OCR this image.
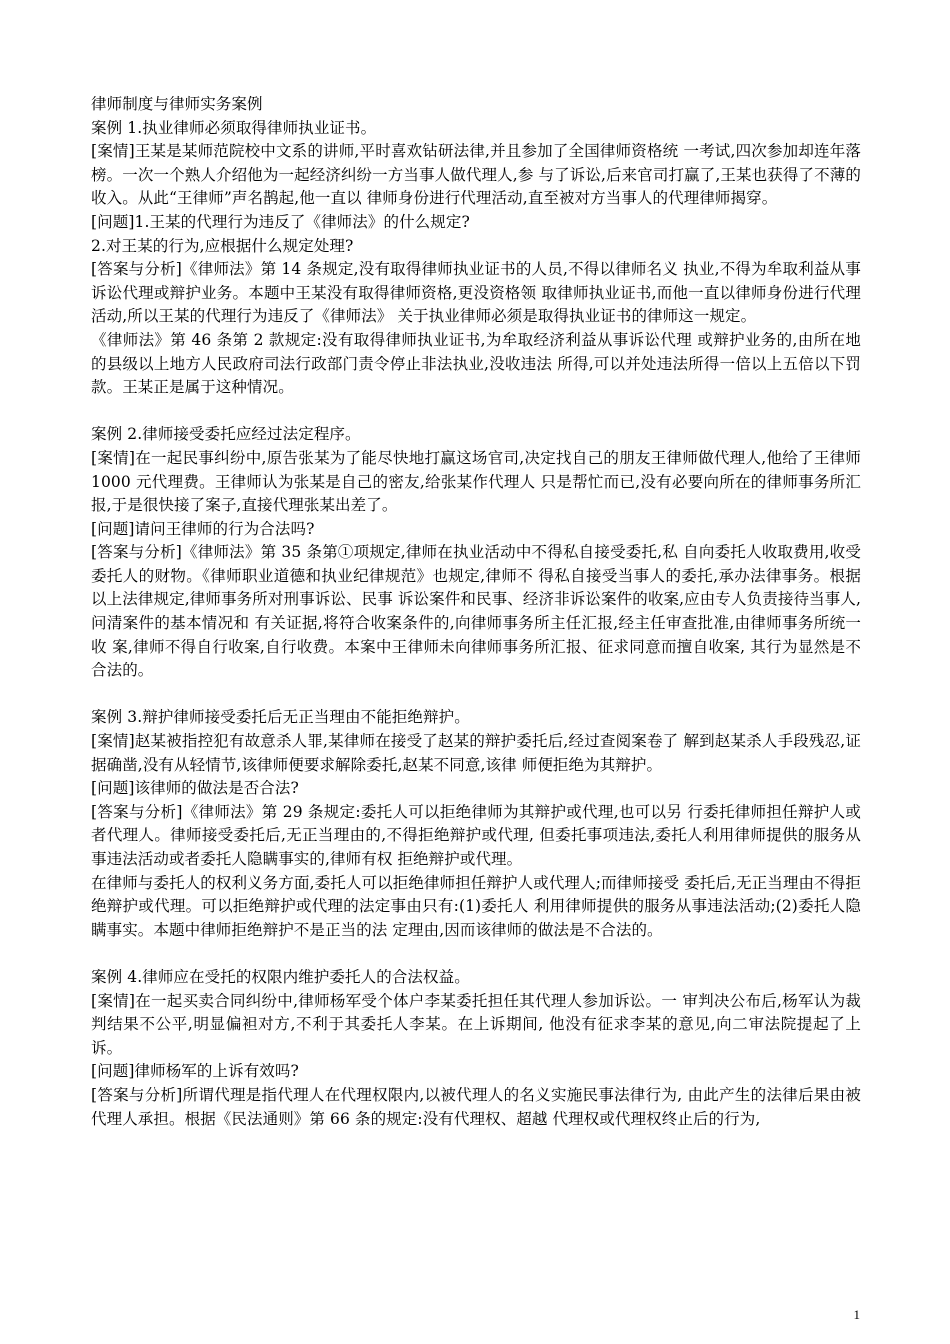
律师制度与律师实务案例

案例 1.执业律师必须取得律师执业证书。

[案情]王某是某师范院校中文系的讲师,平时喜欢钻研法律,并且参加了全国律师资格统 一考试,四次参加却连年落榜。一次一个熟人介绍他为一起经济纠纷一方当事人做代理人,参 与了诉讼,后来官司打赢了,王某也获得了不薄的收入。从此“王律师”声名鹊起,他一直以 律师身份进行代理活动,直至被对方当事人的代理律师揭穿。

[问题]1.王某的代理行为违反了《律师法》的什么规定?

2.对王某的行为,应根据什么规定处理?

[答案与分析]《律师法》第 14 条规定,没有取得律师执业证书的人员,不得以律师名义 执业,不得为牟取利益从事诉讼代理或辩护业务。本题中王某没有取得律师资格,更没资格领 取律师执业证书,而他一直以律师身份进行代理活动,所以王某的代理行为违反了《律师法》 关于执业律师必须是取得执业证书的律师这一规定。

《律师法》第 46 条第 2 款规定:没有取得律师执业证书,为牟取经济利益从事诉讼代理 或辩护业务的,由所在地的县级以上地方人民政府司法行政部门责令停止非法执业,没收违法 所得,可以并处违法所得一倍以上五倍以下罚款。王某正是属于这种情况。

案例 2.律师接受委托应经过法定程序。

[案情]在一起民事纠纷中,原告张某为了能尽快地打赢这场官司,决定找自己的朋友王律师做代理人,他给了王律师 1000 元代理费。王律师认为张某是自己的密友,给张某作代理人 只是帮忙而已,没有必要向所在的律师事务所汇报,于是很快接了案子,直接代理张某出差了。

[问题]请问王律师的行为合法吗?

[答案与分析]《律师法》第 35 条第①项规定,律师在执业活动中不得私自接受委托,私 自向委托人收取费用,收受委托人的财物。《律师职业道德和执业纪律规范》也规定,律师不 得私自接受当事人的委托,承办法律事务。根据以上法律规定,律师事务所对刑事诉讼、民事 诉讼案件和民事、经济非诉讼案件的收案,应由专人负责接待当事人,问清案件的基本情况和 有关证据,将符合收案条件的,向律师事务所主任汇报,经主任审查批准,由律师事务所统一收 案,律师不得自行收案,自行收费。本案中王律师未向律师事务所汇报、征求同意而擅自收案, 其行为显然是不合法的。

案例 3.辩护律师接受委托后无正当理由不能拒绝辩护。

[案情]赵某被指控犯有故意杀人罪,某律师在接受了赵某的辩护委托后,经过查阅案卷了 解到赵某杀人手段残忍,证据确凿,没有从轻情节,该律师便要求解除委托,赵某不同意,该律 师便拒绝为其辩护。

[问题]该律师的做法是否合法?

[答案与分析]《律师法》第 29 条规定:委托人可以拒绝律师为其辩护或代理,也可以另 行委托律师担任辩护人或者代理人。律师接受委托后,无正当理由的,不得拒绝辩护或代理, 但委托事项违法,委托人利用律师提供的服务从事违法活动或者委托人隐瞒事实的,律师有权 拒绝辩护或代理。

在律师与委托人的权利义务方面,委托人可以拒绝律师担任辩护人或代理人;而律师接受 委托后,无正当理由不得拒绝辩护或代理。可以拒绝辩护或代理的法定事由只有:(1)委托人 利用律师提供的服务从事违法活动;(2)委托人隐瞒事实。本题中律师拒绝辩护不是正当的法 定理由,因而该律师的做法是不合法的。

案例 4.律师应在受托的权限内维护委托人的合法权益。

[案情]在一起买卖合同纠纷中,律师杨军受个体户李某委托担任其代理人参加诉讼。一 审判决公布后,杨军认为裁判结果不公平,明显偏袒对方,不利于其委托人李某。在上诉期间, 他没有征求李某的意见,向二审法院提起了上诉。

[问题]律师杨军的上诉有效吗?

[答案与分析]所谓代理是指代理人在代理权限内,以被代理人的名义实施民事法律行为, 由此产生的法律后果由被代理人承担。根据《民法通则》第 66 条的规定:没有代理权、超越 代理权或代理权终止后的行为,

1
